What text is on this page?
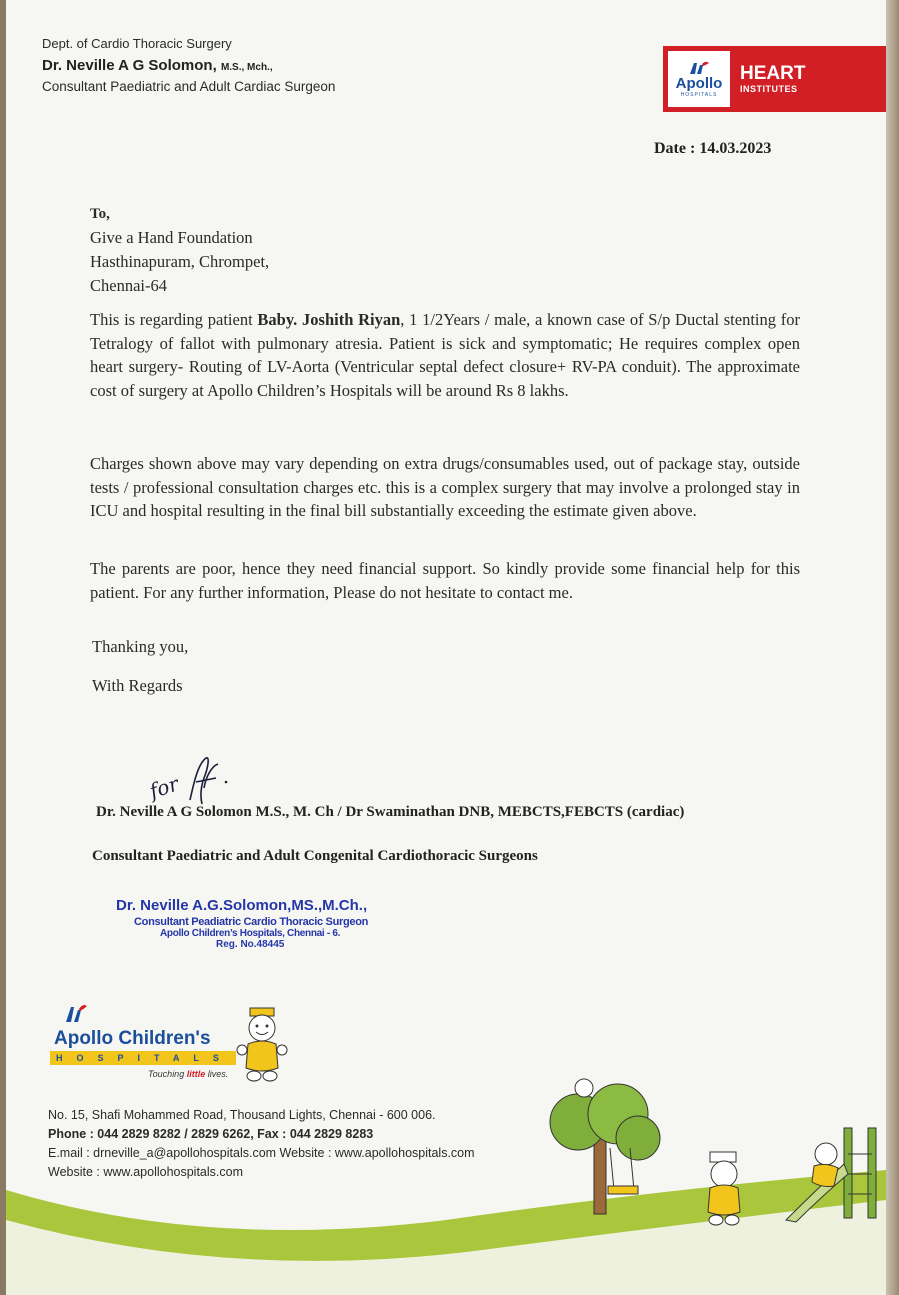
Dept. of Cardio Thoracic Surgery
Dr. Neville A G Solomon, M.S., Mch.,
Consultant Paediatric and Adult Cardiac Surgeon	Apollo
HOSPITALS
HEART
INSTITUTES
Date : 14.03.2023
To,
Give a Hand Foundation
Hasthinapuram, Chrompet,
Chennai-64
This is regarding patient Baby. Joshith Riyan, 1 1/2Years / male, a known case of S/p Ductal stenting for Tetralogy of fallot with pulmonary atresia. Patient is sick and symptomatic; He requires complex open heart surgery- Routing of LV-Aorta (Ventricular septal defect closure+ RV-PA conduit). The approximate cost of surgery at Apollo Children’s Hospitals will be around Rs 8 lakhs.
Charges shown above may vary depending on extra drugs/consumables used, out of package stay, outside tests / professional consultation charges etc. this is a complex surgery that may involve a prolonged stay in ICU and hospital resulting in the final bill substantially exceeding the estimate given above.
The parents are poor, hence they need financial support. So kindly provide some financial help for this patient. For any further information, Please do not hesitate to contact me.
Thanking you,
With Regards
for
Dr. Neville A G Solomon M.S., M. Ch / Dr Swaminathan DNB, MEBCTS,FEBCTS (cardiac)
Consultant Paediatric and Adult Congenital Cardiothoracic Surgeons
Dr. Neville A.G.Solomon,MS.,M.Ch.,
Consultant Peadiatric Cardio Thoracic Surgeon
Apollo Children’s Hospitals, Chennai - 6.
Reg. No.48445
Apollo Children's
HOSPITALS
Touching little lives.
No. 15, Shafi Mohammed Road, Thousand Lights, Chennai - 600 006.
Phone : 044 2829 8282 / 2829 6262, Fax : 044 2829 8283
E.mail : drneville_a@apollohospitals.com Website : www.apollohospitals.com
Website : www.apollohospitals.com
